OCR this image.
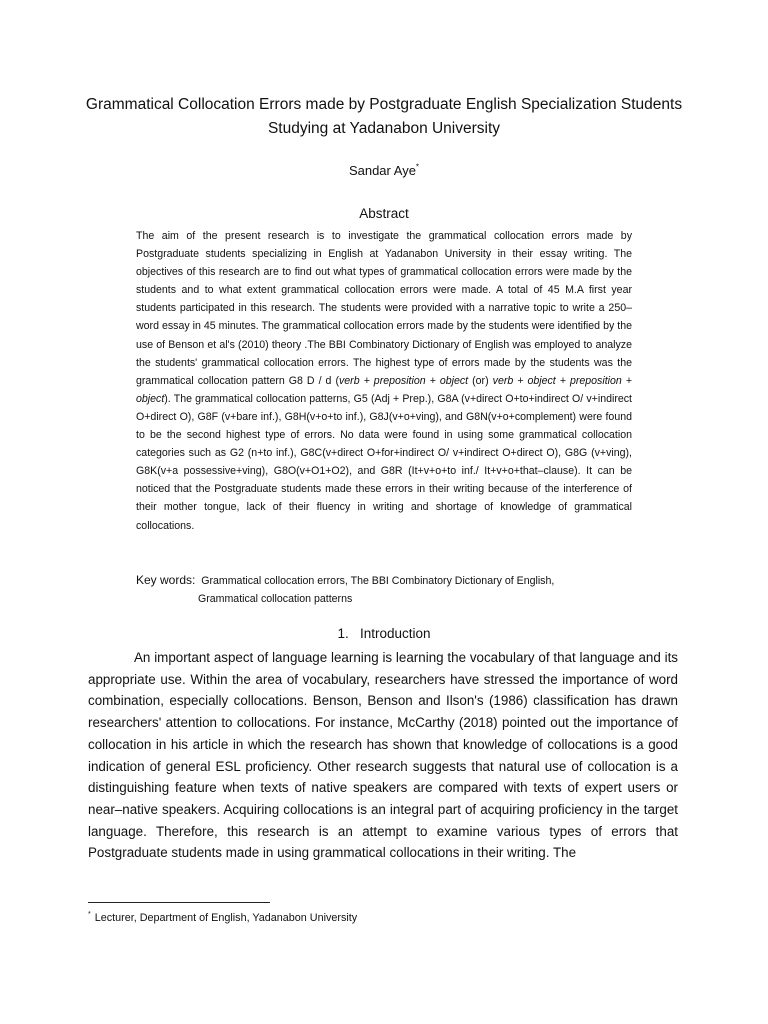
Grammatical Collocation Errors made by Postgraduate English Specialization Students Studying at Yadanabon University
Sandar Aye*
Abstract

The aim of the present research is to investigate the grammatical collocation errors made by Postgraduate students specializing in English at Yadanabon University in their essay writing. The objectives of this research are to find out what types of grammatical collocation errors were made by the students and to what extent grammatical collocation errors were made. A total of 45 M.A first year students participated in this research. The students were provided with a narrative topic to write a 250–word essay in 45 minutes. The grammatical collocation errors made by the students were identified by the use of Benson et al's (2010) theory .The BBI Combinatory Dictionary of English was employed to analyze the students' grammatical collocation errors. The highest type of errors made by the students was the grammatical collocation pattern G8 D / d (verb + preposition + object (or) verb + object + preposition + object). The grammatical collocation patterns, G5 (Adj + Prep.), G8A (v+direct O+to+indirect O/ v+indirect O+direct O), G8F (v+bare inf.), G8H(v+o+to inf.), G8J(v+o+ving), and G8N(v+o+complement) were found to be the second highest type of errors. No data were found in using some grammatical collocation categories such as G2 (n+to inf.), G8C(v+direct O+for+indirect O/ v+indirect O+direct O), G8G (v+ving), G8K(v+a possessive+ving), G8O(v+O1+O2), and G8R (It+v+o+to inf./ It+v+o+that–clause). It can be noticed that the Postgraduate students made these errors in their writing because of the interference of their mother tongue, lack of their fluency in writing and shortage of knowledge of grammatical collocations.

Key words: Grammatical collocation errors, The BBI Combinatory Dictionary of English,
Grammatical collocation patterns
1.   Introduction

An important aspect of language learning is learning the vocabulary of that language and its appropriate use. Within the area of vocabulary, researchers have stressed the importance of word combination, especially collocations. Benson, Benson and Ilson's (1986) classification has drawn researchers' attention to collocations. For instance, McCarthy (2018) pointed out the importance of collocation in his article in which the research has shown that knowledge of collocations is a good indication of general ESL proficiency. Other research suggests that natural use of collocation is a distinguishing feature when texts of native speakers are compared with texts of expert users or near–native speakers. Acquiring collocations is an integral part of acquiring proficiency in the target language. Therefore, this research is an attempt to examine various types of errors that Postgraduate students made in using grammatical collocations in their writing. The

* Lecturer, Department of English, Yadanabon University
